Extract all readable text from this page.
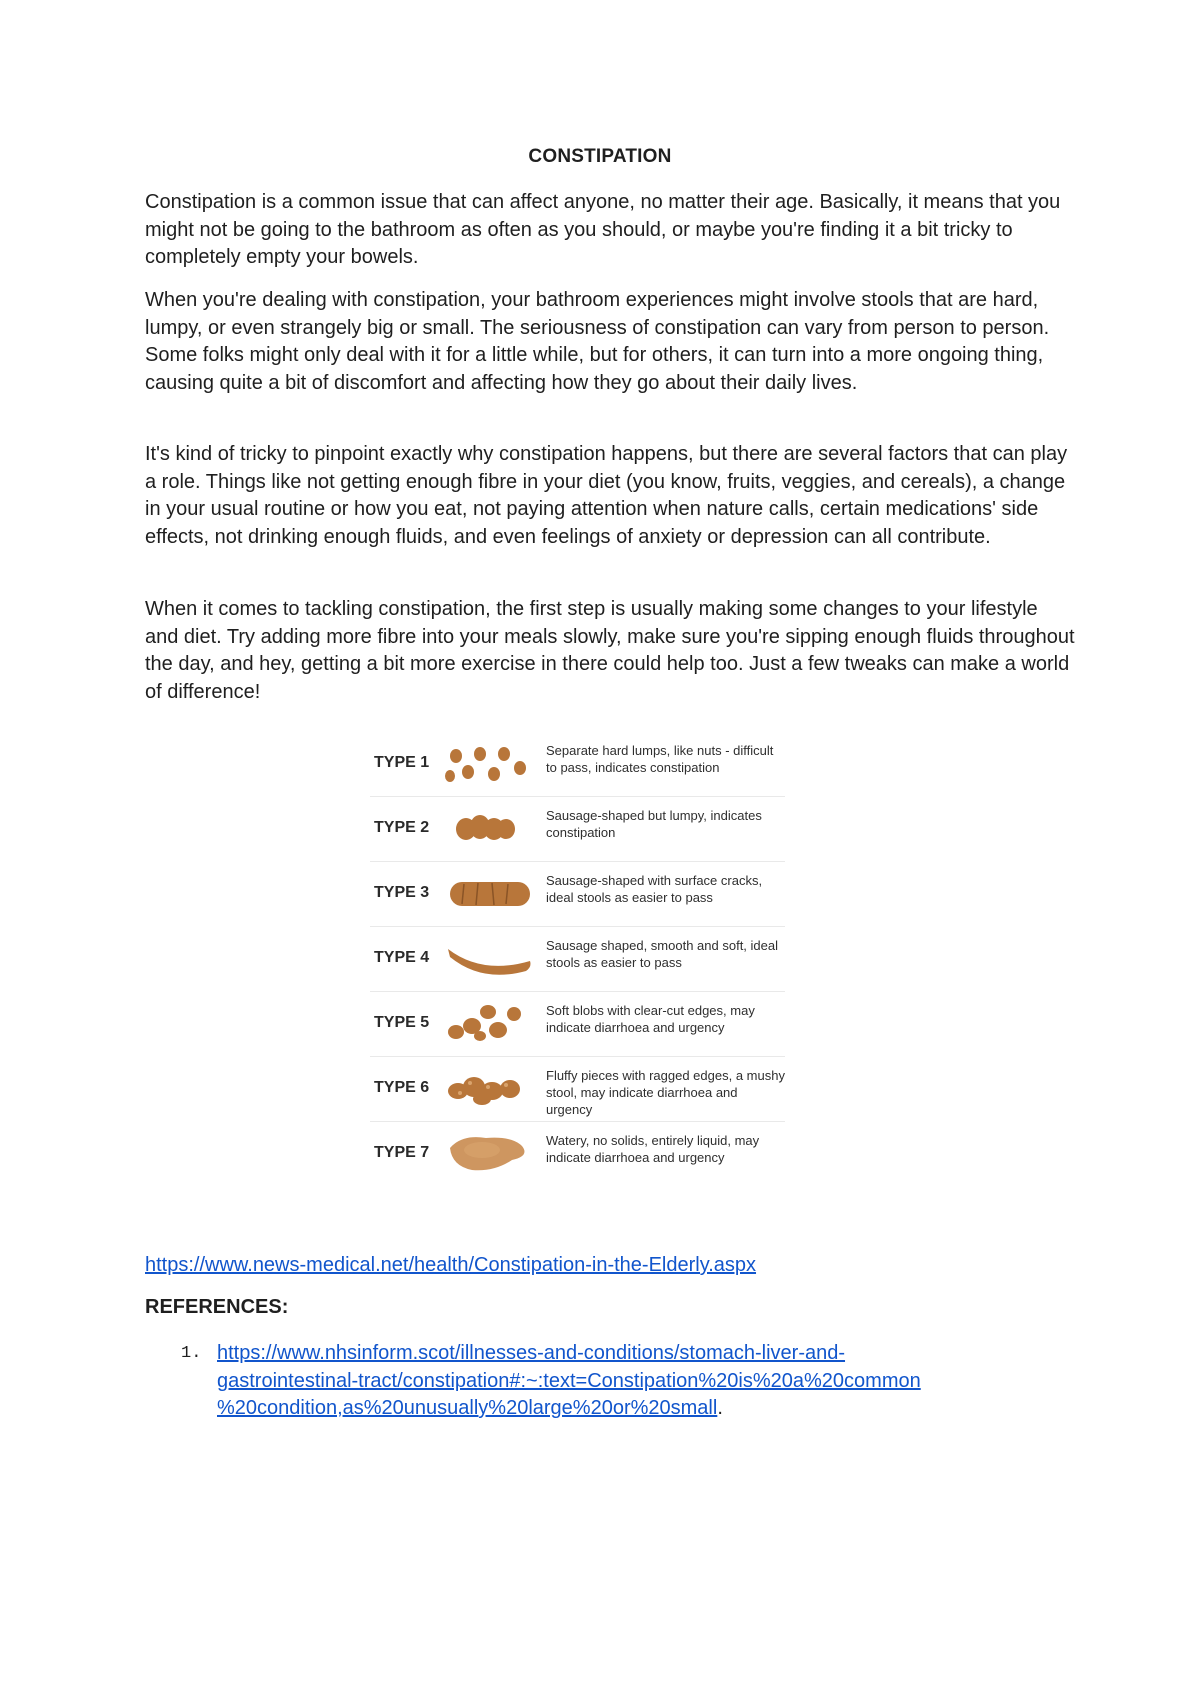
CONSTIPATION

Constipation is a common issue that can affect anyone, no matter their age. Basically, it means that you might not be going to the bathroom as often as you should, or maybe you're finding it a bit tricky to completely empty your bowels.

When you're dealing with constipation, your bathroom experiences might involve stools that are hard, lumpy, or even strangely big or small. The seriousness of constipation can vary from person to person. Some folks might only deal with it for a little while, but for others, it can turn into a more ongoing thing, causing quite a bit of discomfort and affecting how they go about their daily lives.

It's kind of tricky to pinpoint exactly why constipation happens, but there are several factors that can play a role. Things like not getting enough fibre in your diet (you know, fruits, veggies, and cereals), a change in your usual routine or how you eat, not paying attention when nature calls, certain medications' side effects, not drinking enough fluids, and even feelings of anxiety or depression can all contribute.

When it comes to tackling constipation, the first step is usually making some changes to your lifestyle and diet. Try adding more fibre into your meals slowly, make sure you're sipping enough fluids throughout the day, and hey, getting a bit more exercise in there could help too. Just a few tweaks can make a world of difference!

TYPE 1
Separate hard lumps, like nuts - difficult to pass, indicates constipation
TYPE 2
Sausage-shaped but lumpy, indicates constipation
TYPE 3
Sausage-shaped with surface cracks, ideal stools as easier to pass
TYPE 4
Sausage shaped, smooth and soft, ideal stools as easier to pass
TYPE 5
Soft blobs with clear-cut edges, may indicate diarrhoea and urgency
TYPE 6
Fluffy pieces with ragged edges, a mushy stool, may indicate diarrhoea and urgency
TYPE 7
Watery, no solids, entirely liquid, may indicate diarrhoea and urgency
https://www.news-medical.net/health/Constipation-in-the-Elderly.aspx
REFERENCES:
1. https://www.nhsinform.scot/illnesses-and-conditions/stomach-liver-and-
gastrointestinal-tract/constipation#:~:text=Constipation%20is%20a%20common
%20condition,as%20unusually%20large%20or%20small.
